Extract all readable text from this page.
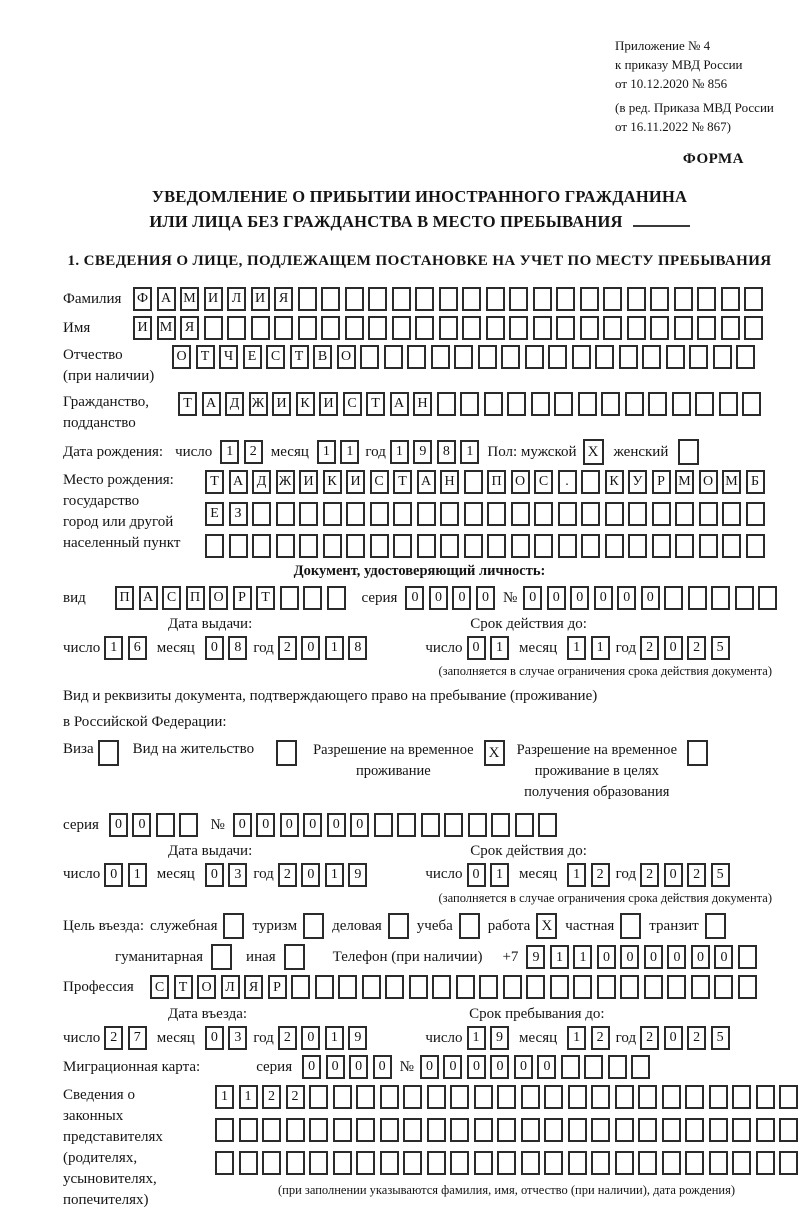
Приложение № 4
к приказу МВД России
от 10.12.2020 № 856
(в ред. Приказа МВД России
от 16.11.2022 № 867)
ФОРМА
УВЕДОМЛЕНИЕ О ПРИБЫТИИ ИНОСТРАННОГО ГРАЖДАНИНА
ИЛИ ЛИЦА БЕЗ ГРАЖДАНСТВА В МЕСТО ПРЕБЫВАНИЯ
1. СВЕДЕНИЯ О ЛИЦЕ, ПОДЛЕЖАЩЕМ ПОСТАНОВКЕ НА УЧЕТ ПО МЕСТУ ПРЕБЫВАНИЯ
Фамилия	Ф А М И Л И Я
Имя	И М Я
Отчество
(при наличии)
О	Т	Ч	Е	С	Т	В О
Гражданство,
подданство
Т	А Д Ж И К И С	Т	А Н
Дата рождения: число	1	2 месяц	1	1 год 1	9	8	1 Пол: мужской X	женский
Место рождения:
государство
город или другой
населенный пункт
Т	А Д Ж И К И С	Т	А Н	П О С	.	К У	Р М О М Б
Е	З
Документ, удостоверяющий личность:
вид	П А С П О	Р	Т	серия	0	0	0	0 № 0	0	0	0	0	0
Дата выдачи:	Срок действия до:
число 1	6	месяц	0	8 год 2	0	1	8	число 0	1	месяц	1	1 год 2	0	2	5
(заполняется в случае ограничения срока действия документа)
Вид и реквизиты документа, подтверждающего право на пребывание (проживание)
в Российской Федерации:
Виза	Вид на жительство	Разрешение на временное
проживание
X	Разрешение на временное
проживание в целях
получения образования
серия	0	0	№	0	0	0	0	0	0
Дата выдачи:	Срок действия до:
число 0	1	месяц	0	3 год 2	0	1	9	число 0	1	месяц	1	2 год 2	0	2	5
(заполняется в случае ограничения срока действия документа)
Цель въезда: служебная туризм деловая учеба работа X частная транзит
гуманитарная	иная	Телефон (при наличии) +7	9	1	1	0	0	0	0	0	0
Профессия	С	Т	О Л	Я	Р
Дата въезда:	Срок пребывания до:
число 2	7	месяц	0	3 год 2	0	1	9	число 1	9	месяц	1	2 год 2	0	2	5
Миграционная карта:	серия	0	0	0	0 № 0	0	0	0	0	0
Сведения о
законных
представителях
(родителях,
усыновителях,
попечителях)
1	1	2	2
(при заполнении указываются фамилия, имя, отчество (при наличии), дата рождения)
